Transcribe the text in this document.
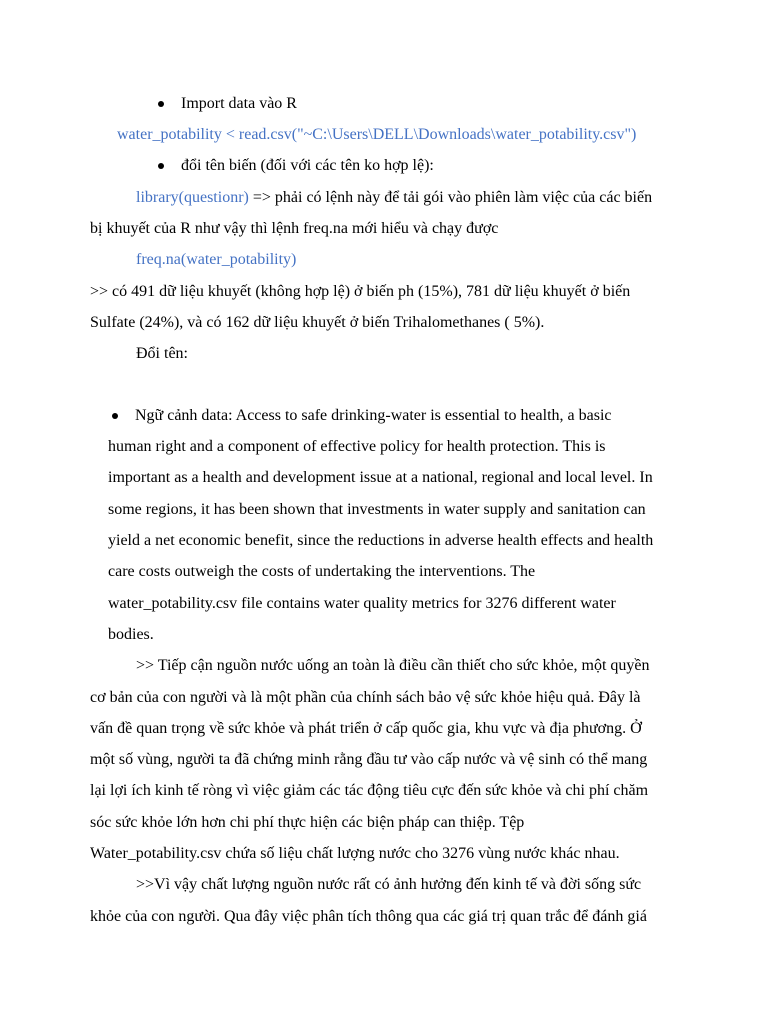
Import data vào R
water_potability < read.csv("~C:\Users\DELL\Downloads\water_potability.csv")
đổi tên biến (đối với các tên ko hợp lệ):
library(questionr) => phải có lệnh này để tải gói vào phiên làm việc của các biến
bị khuyết của R như vậy thì lệnh freq.na mới hiểu và chạy được
freq.na(water_potability)
>> có 491 dữ liệu khuyết (không hợp lệ) ở biến ph (15%), 781 dữ liệu khuyết ở biến
Sulfate (24%), và có 162 dữ liệu khuyết ở biến Trihalomethanes ( 5%).
Đổi tên:
Ngữ cảnh data: Access to safe drinking-water is essential to health, a basic
human right and a component of effective policy for health protection. This is
important as a health and development issue at a national, regional and local level. In
some regions, it has been shown that investments in water supply and sanitation can
yield a net economic benefit, since the reductions in adverse health effects and health
care costs outweigh the costs of undertaking the interventions. The
water_potability.csv file contains water quality metrics for 3276 different water
bodies.
>> Tiếp cận nguồn nước uống an toàn là điều cần thiết cho sức khỏe, một quyền
cơ bản của con người và là một phần của chính sách bảo vệ sức khỏe hiệu quả. Đây là
vấn đề quan trọng về sức khỏe và phát triển ở cấp quốc gia, khu vực và địa phương. Ở
một số vùng, người ta đã chứng minh rằng đầu tư vào cấp nước và vệ sinh có thể mang
lại lợi ích kinh tế ròng vì việc giảm các tác động tiêu cực đến sức khỏe và chi phí chăm
sóc sức khỏe lớn hơn chi phí thực hiện các biện pháp can thiệp. Tệp
Water_potability.csv chứa số liệu chất lượng nước cho 3276 vùng nước khác nhau.
>>Vì vậy chất lượng nguồn nước rất có ảnh hưởng đến kinh tế và đời sống sức
khỏe của con người. Qua đây việc phân tích thông qua các giá trị quan trắc để đánh giá
